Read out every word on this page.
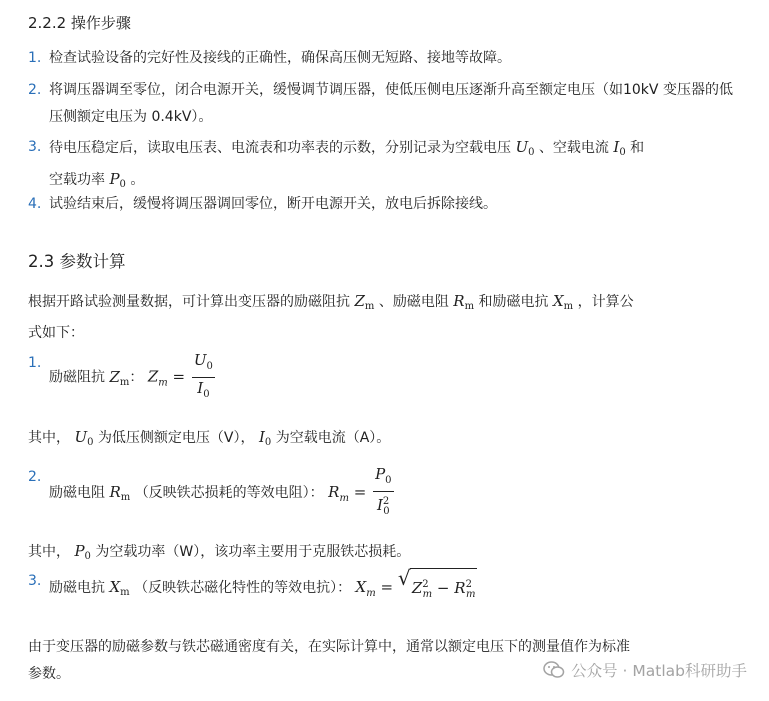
2.2.2 操作步骤
1. 检查试验设备的完好性及接线的正确性，确保高压侧无短路、接地等故障。
2. 将调压器调至零位，闭合电源开关，缓慢调节调压器，使低压侧电压逐渐升高至额定电压（如10kV 变压器的低压侧额定电压为 0.4kV）。
3. 待电压稳定后，读取电压表、电流表和功率表的示数，分别记录为空载电压 $U_0$ 、空载电流 $I_0$ 和
空载功率 $P_0$ 。
4. 试验结束后，缓慢将调压器调回零位，断开电源开关，放电后拆除接线。
2.3 参数计算
根据开路试验测量数据，可计算出变压器的励磁阻抗 $Z_m$ 、励磁电阻 $R_m$ 和励磁电抗 $X_m$ ，计算公
式如下：
1.
励磁阻抗 $Z_m$： $Z_m = \frac{U_0}{I_0}$
其中， $U_0$ 为低压侧额定电压（V）， $I_0$ 为空载电流（A）。
2.
励磁电阻 $R_m$ （反映铁芯损耗的等效电阻）： $R_m = \frac{P_0}{I^2_0}$
其中， $P_0$ 为空载功率（W），该功率主要用于克服铁芯损耗。
3. 励磁电抗 $X_m$ （反映铁芯磁化特性的等效电抗）： $X_m$ = √ $Z^2_m - R^2_m$
由于变压器的励磁参数与铁芯磁通密度有关，在实际计算中，通常以额定电压下的测量值作为标准
参数。	公众号 · Matlab科研助手
